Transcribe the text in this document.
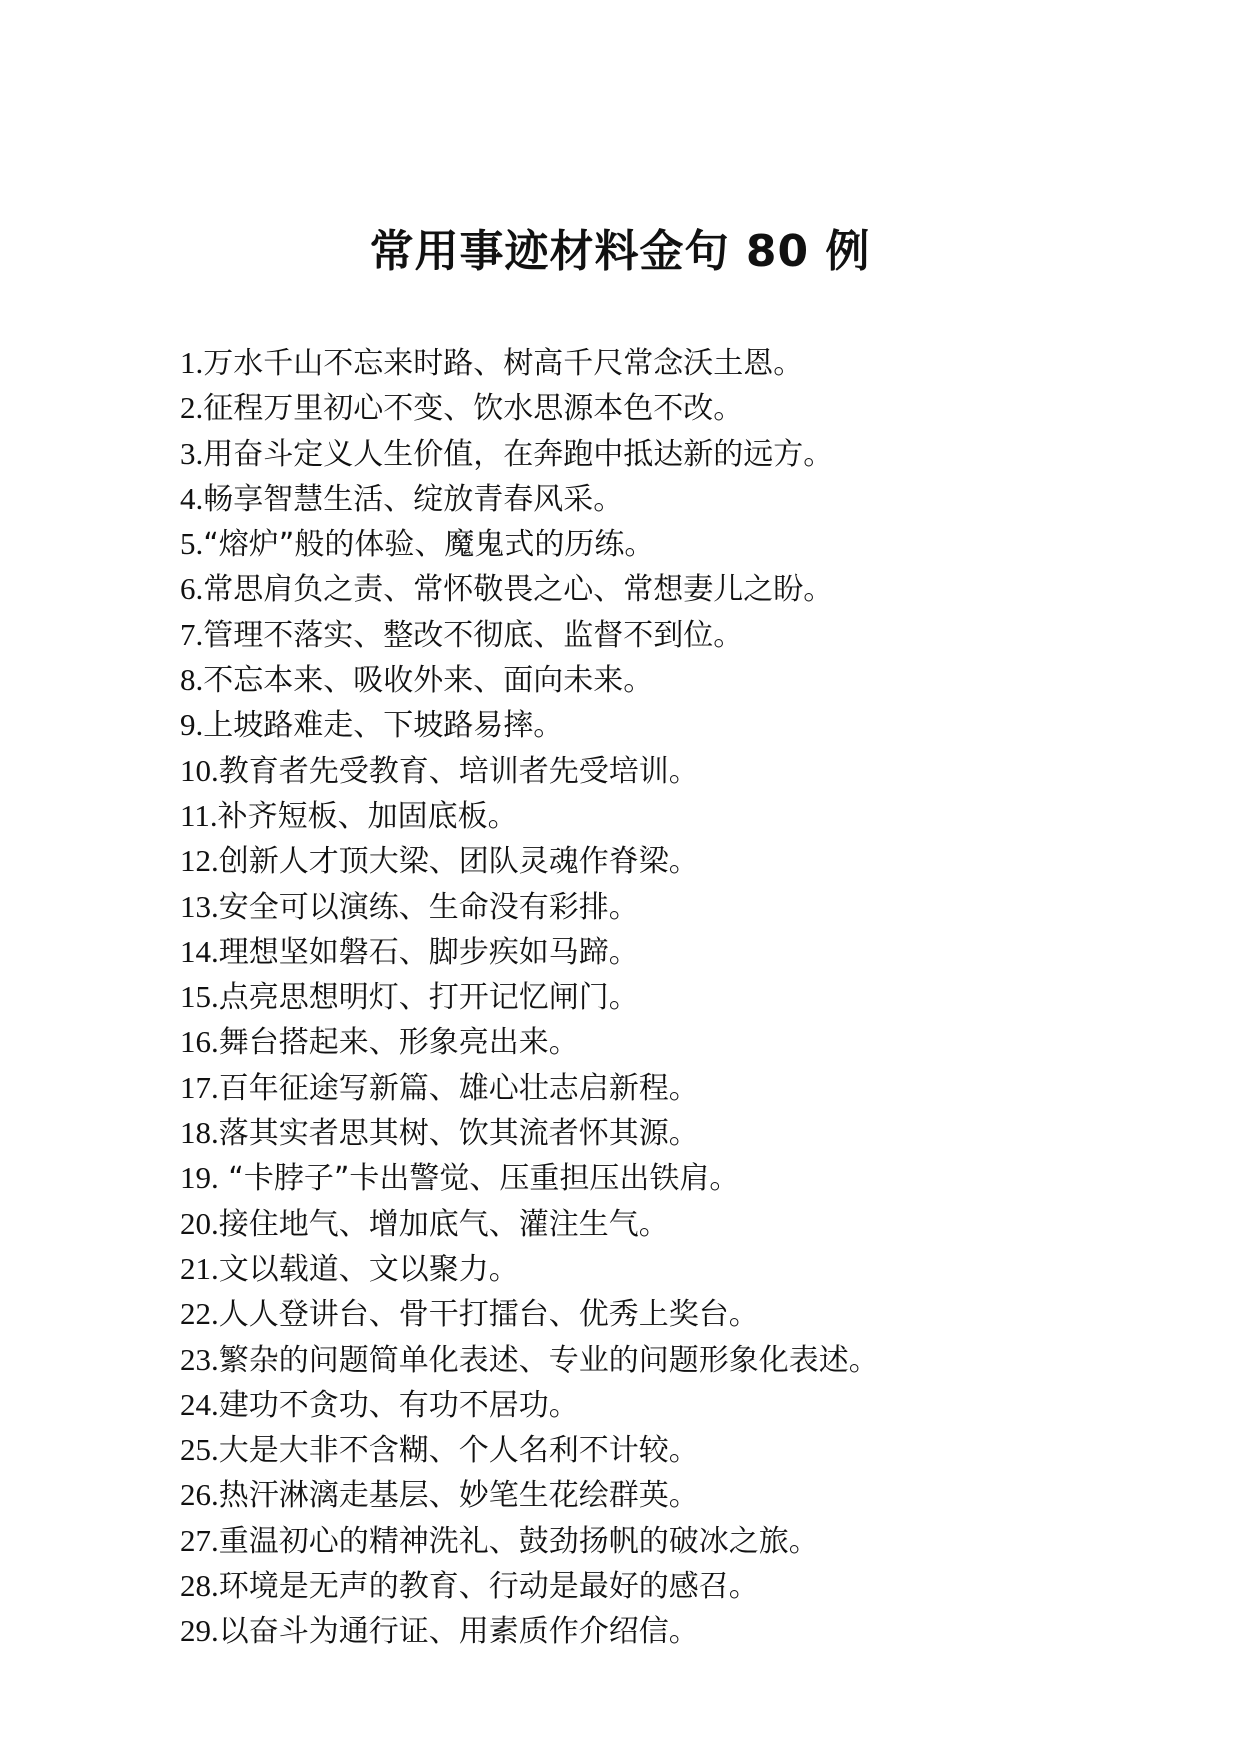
常用事迹材料金句 80 例
1.万水千山不忘来时路、树高千尺常念沃土恩。
2.征程万里初心不变、饮水思源本色不改。
3.用奋斗定义人生价值，在奔跑中抵达新的远方。
4.畅享智慧生活、绽放青春风采。
5.“熔炉”般的体验、魔鬼式的历练。
6.常思肩负之责、常怀敬畏之心、常想妻儿之盼。
7.管理不落实、整改不彻底、监督不到位。
8.不忘本来、吸收外来、面向未来。
9.上坡路难走、下坡路易摔。
10.教育者先受教育、培训者先受培训。
11.补齐短板、加固底板。
12.创新人才顶大梁、团队灵魂作脊梁。
13.安全可以演练、生命没有彩排。
14.理想坚如磐石、脚步疾如马蹄。
15.点亮思想明灯、打开记忆闸门。
16.舞台搭起来、形象亮出来。
17.百年征途写新篇、雄心壮志启新程。
18.落其实者思其树、饮其流者怀其源。
19. “卡脖子”卡出警觉、压重担压出铁肩。
20.接住地气、增加底气、灌注生气。
21.文以载道、文以聚力。
22.人人登讲台、骨干打擂台、优秀上奖台。
23.繁杂的问题简单化表述、专业的问题形象化表述。
24.建功不贪功、有功不居功。
25.大是大非不含糊、个人名利不计较。
26.热汗淋漓走基层、妙笔生花绘群英。
27.重温初心的精神洗礼、鼓劲扬帆的破冰之旅。
28.环境是无声的教育、行动是最好的感召。
29.以奋斗为通行证、用素质作介绍信。
